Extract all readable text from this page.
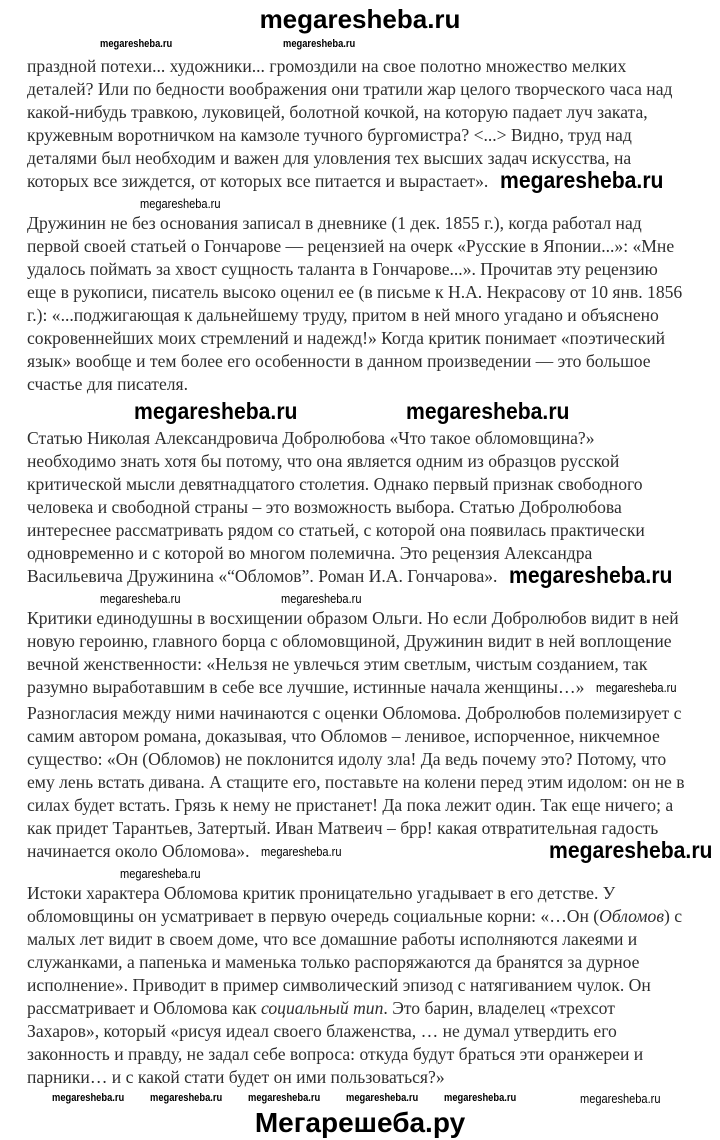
megaresheba.ru
праздной потехи... художники... громоздили на свое полотно множество мелких
деталей? Или по бедности воображения они тратили жар целого творческого часа над
какой-нибудь травкою, луковицей, болотной кочкой, на которую падает луч заката,
кружевным воротничком на камзоле тучного бургомистра? <...> Видно, труд над
деталями был необходим и важен для уловления тех высших задач искусства, на
которых все зиждется, от которых все питается и вырастает».
Дружинин не без основания записал в дневнике (1 дек. 1855 г.), когда работал над
первой своей статьей о Гончарове — рецензией на очерк «Русские в Японии...»: «Мне
удалось поймать за хвост сущность таланта в Гончарове...». Прочитав эту рецензию
еще в рукописи, писатель высоко оценил ее (в письме к Н.А. Некрасову от 10 янв. 1856
г.): «...поджигающая к дальнейшему труду, притом в ней много угадано и объяснено
сокровеннейших моих стремлений и надежд!» Когда критик понимает «поэтический
язык» вообще и тем более его особенности в данном произведении — это большое
счастье для писателя.
Статью Николая Александровича Добролюбова «Что такое обломовщина?»
необходимо знать хотя бы потому, что она является одним из образцов русской
критической мысли девятнадцатого столетия. Однако первый признак свободного
человека и свободной страны – это возможность выбора. Статью Добролюбова
интереснее рассматривать рядом со статьей, с которой она появилась практически
одновременно и с которой во многом полемична. Это рецензия Александра
Васильевича Дружинина «“Обломов”. Роман И.А. Гончарова».
Критики единодушны в восхищении образом Ольги. Но если Добролюбов видит в ней
новую героиню, главного борца с обломовщиной, Дружинин видит в ней воплощение
вечной женственности: «Нельзя не увлечься этим светлым, чистым созданием, так
разумно выработавшим в себе все лучшие, истинные начала женщины…»
Разногласия между ними начинаются с оценки Обломова. Добролюбов полемизирует с
самим автором романа, доказывая, что Обломов – ленивое, испорченное, никчемное
существо: «Он (Обломов) не поклонится идолу зла! Да ведь почему это? Потому, что
ему лень встать дивана. А стащите его, поставьте на колени перед этим идолом: он не в
силах будет встать. Грязь к нему не пристанет! Да пока лежит один. Так еще ничего; а
как придет Тарантьев, Затертый. Иван Матвеич – брр! какая отвратительная гадость
начинается около Обломова».
Истоки характера Обломова критик проницательно угадывает в его детстве. У
обломовщины он усматривает в первую очередь социальные корни: «…Он (Обломов) с
малых лет видит в своем доме, что все домашние работы исполняются лакеями и
служанками, а папенька и маменька только распоряжаются да бранятся за дурное
исполнение». Приводит в пример символический эпизод с натягиванием чулок. Он
рассматривает и Обломова как социальный тип. Это барин, владелец «трехсот
Захаров», который «рисуя идеал своего блаженства, … не думал утвердить его
законность и правду, не задал себе вопроса: откуда будут браться эти оранжереи и
парники… и с какой стати будет он ими пользоваться?»
megaresheba.ru
megaresheba.ru
megaresheba.ru
megaresheba.ru	megaresheba.ru
megaresheba.ru	megaresheba.ru
megaresheba.ru
megaresheba.ru megaresheba.ru megaresheba.ru megaresheba.ru megaresheba.ru	megaresheba.ru
megaresheba.ru
megaresheba.ru
megaresheba.ru
megaresheba.ru	megaresheba.ru
Мегарешеба.ру
